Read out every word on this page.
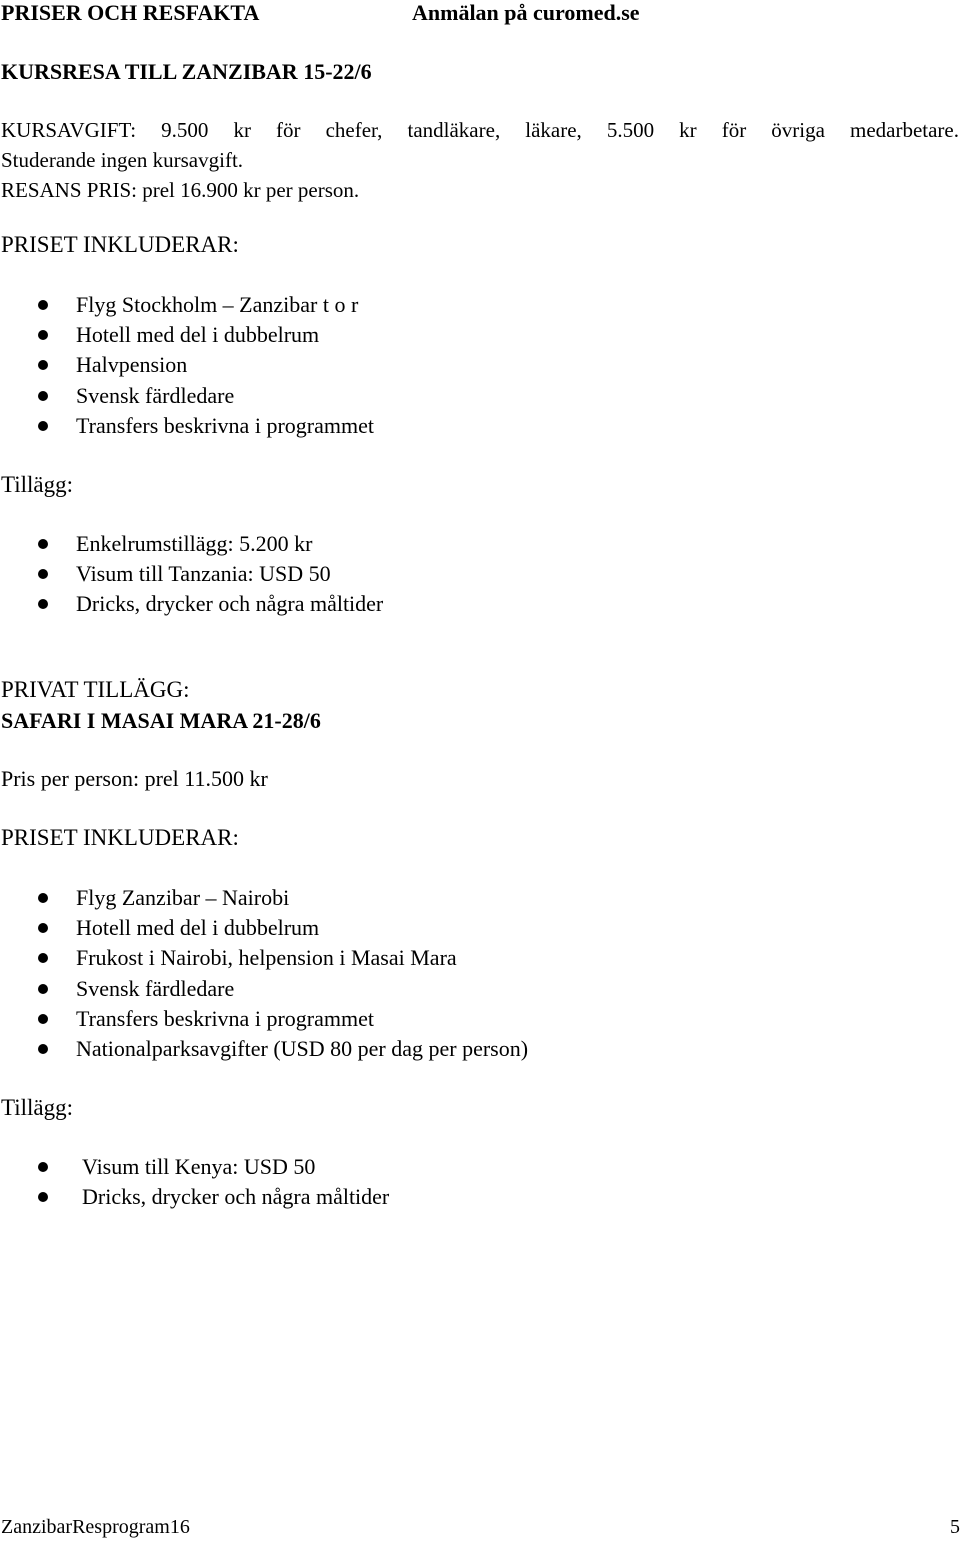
PRISER OCH RESFAKTA	Anmälan på curomed.se
KURSRESA TILL ZANZIBAR 15-22/6
KURSAVGIFT: 9.500 kr för chefer, tandläkare, läkare, 5.500 kr för övriga medarbetare.
Studerande ingen kursavgift.
RESANS PRIS: prel 16.900 kr per person.
PRISET INKLUDERAR:
Flyg Stockholm – Zanzibar t o r
Hotell med del i dubbelrum
Halvpension
Svensk färdledare
Transfers beskrivna i programmet
Tillägg:
Enkelrumstillägg: 5.200 kr
Visum till Tanzania: USD 50
Dricks, drycker och några måltider
PRIVAT TILLÄGG:
SAFARI I MASAI MARA 21-28/6
Pris per person: prel 11.500 kr
PRISET INKLUDERAR:
Flyg Zanzibar – Nairobi
Hotell med del i dubbelrum
Frukost i Nairobi, helpension i Masai Mara
Svensk färdledare
Transfers beskrivna i programmet
Nationalparksavgifter (USD 80 per dag per person)
Tillägg:
Visum till Kenya: USD 50
Dricks, drycker och några måltider
ZanzibarResprogram16	5
